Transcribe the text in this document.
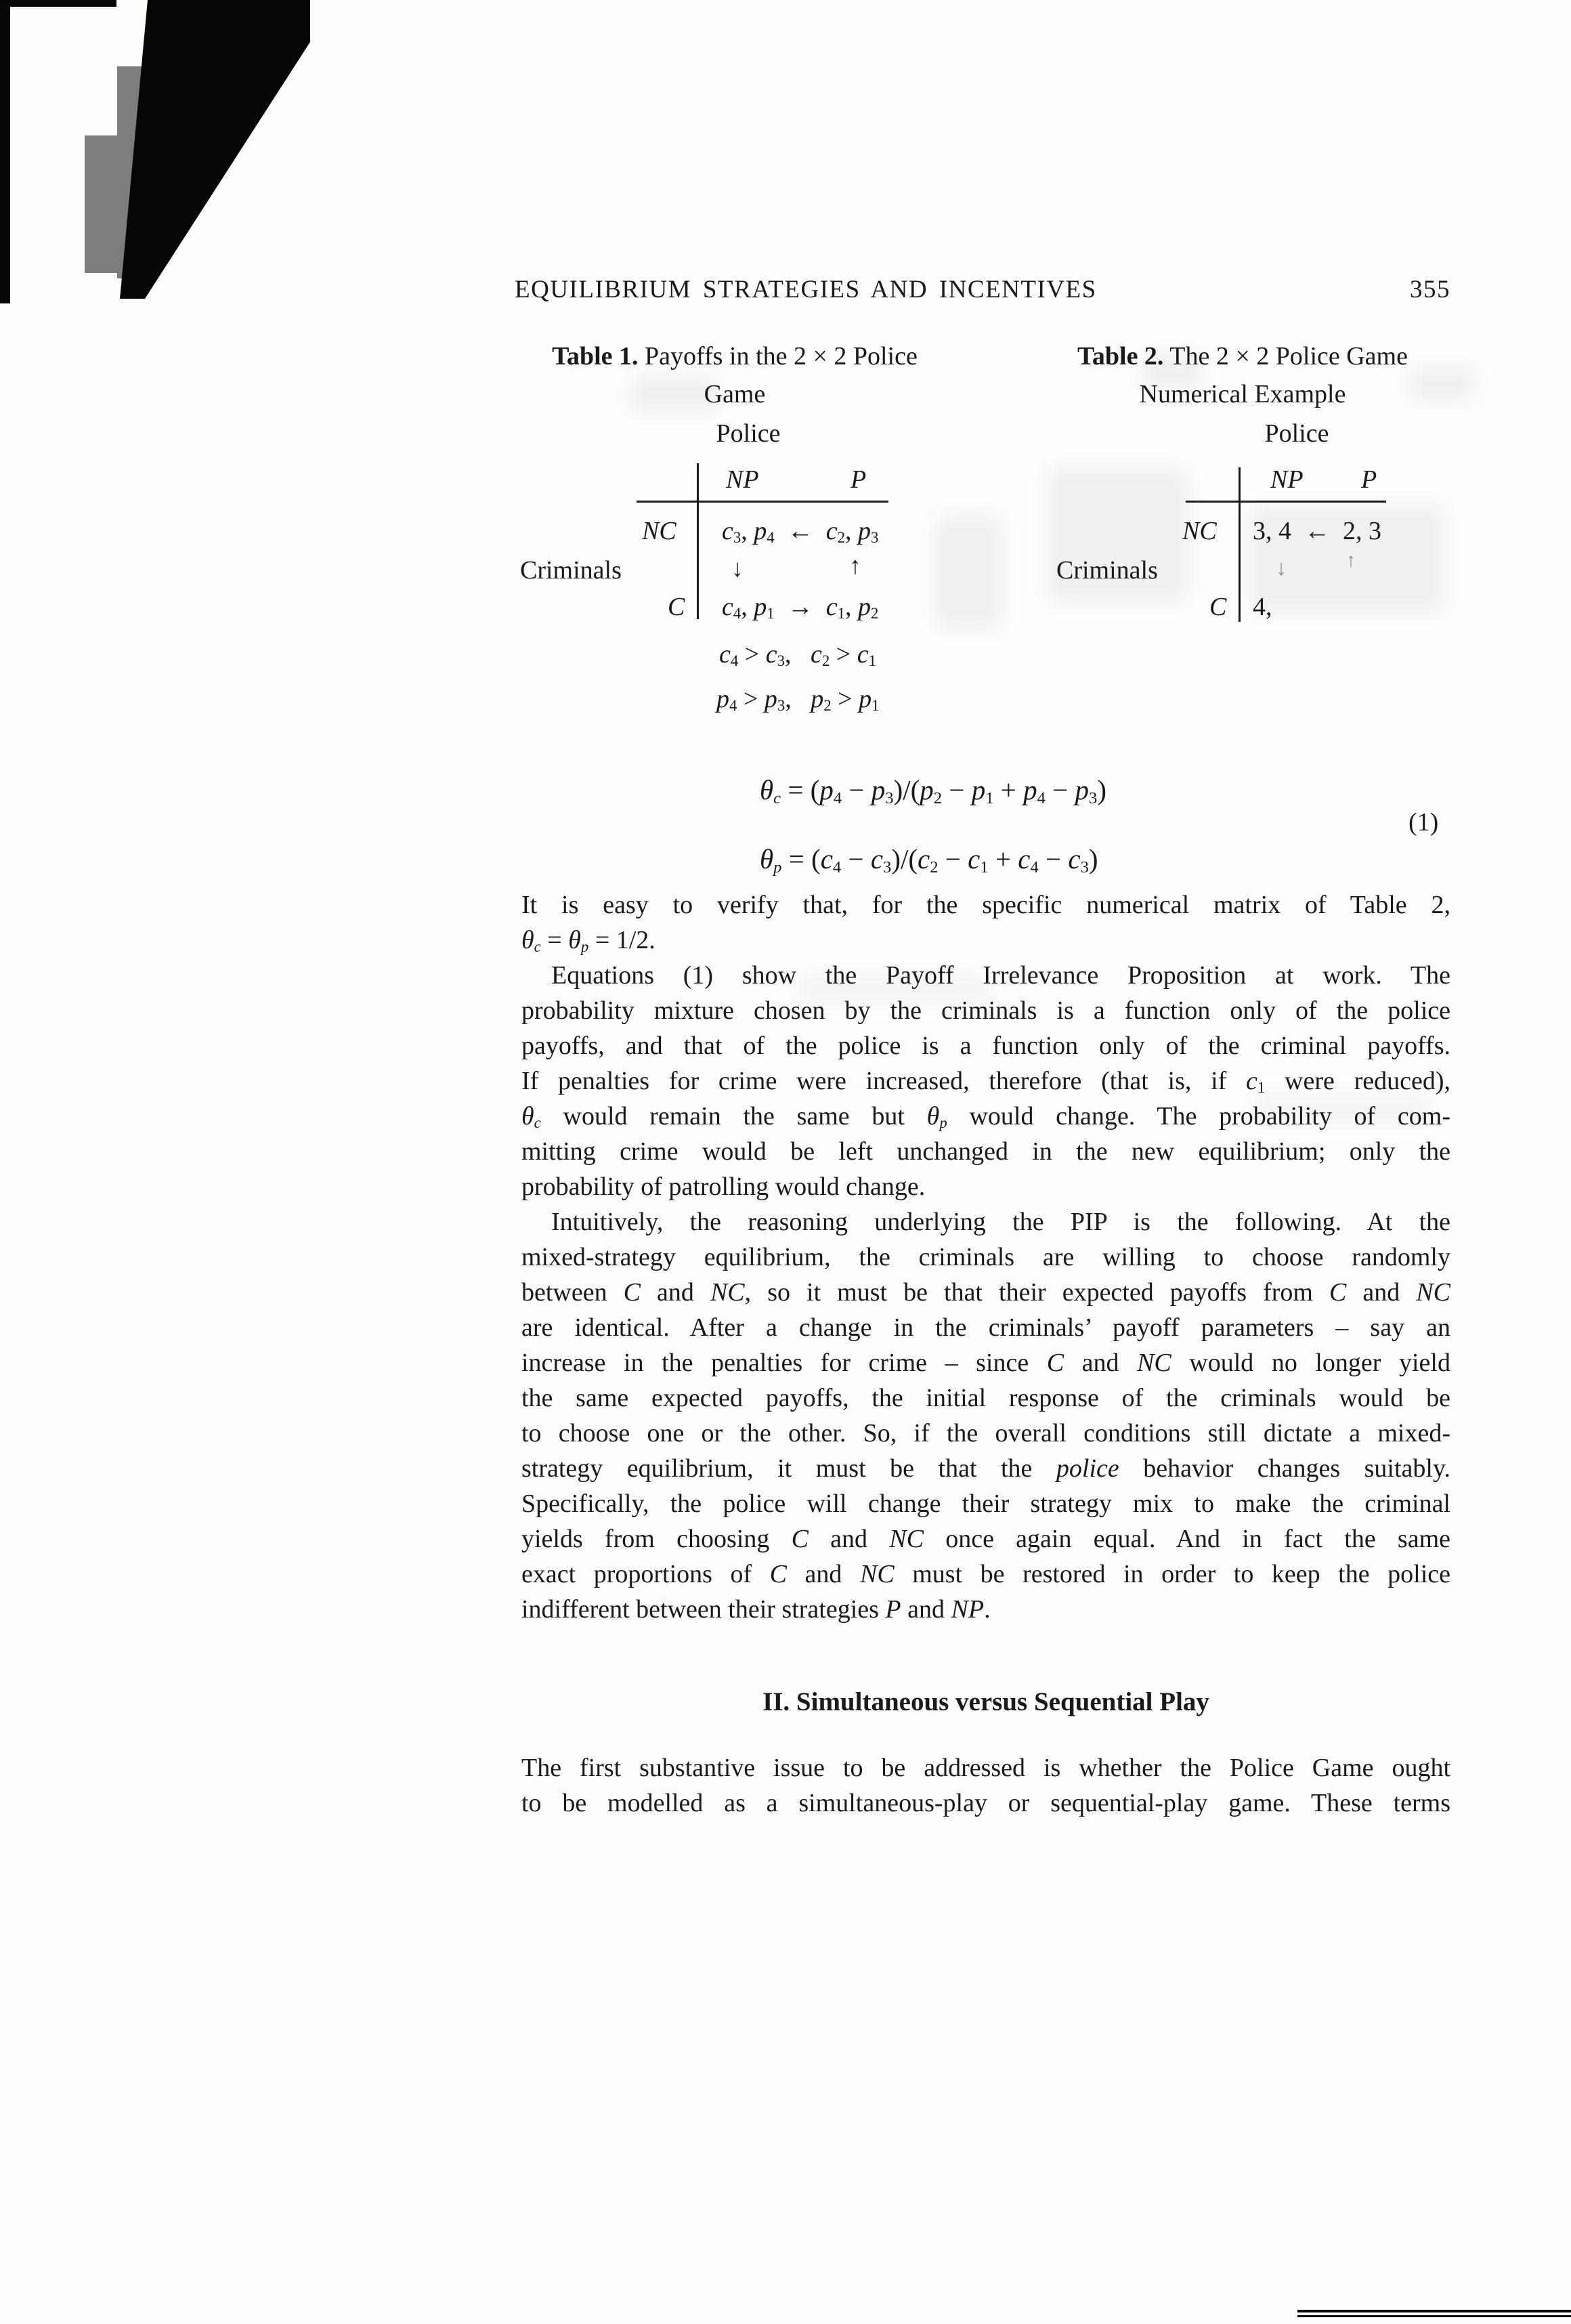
EQUILIBRIUM STRATEGIES AND INCENTIVES	355
Table 1. Payoffs in the 2 × 2 Police
Game
Police
NP	P
NC $c_3$, $p_4$  ←  $c_2$, $p_3$
Criminals	↓	↑
C $c_4$, $p_1 \to c_1$, $p_2$
$c_4 > c_3$,   $c_2 > c_1$
$p_4 > p_3$,   $p_2 > p_1$
Table 2. The 2 × 2 Police Game
Numerical Example
Police
NP P
NC 3, 4  ←  2, 3
Criminals	↓	↑
C 4,
$\theta_c = (p_4 - p_3)/(p_2 - p_1 + p_4 - p_3)$
$\theta_p = (c_4 - c_3)/(c_2 - c_1 + c_4 - c_3)$
(1)
It is easy to verify that, for the specific numerical matrix of Table 2,
$\theta_c = \theta_p = 1/2$.
Equations (1) show the Payoff Irrelevance Proposition at work. The
probability mixture chosen by the criminals is a function only of the police
payoffs, and that of the police is a function only of the criminal payoffs.
If penalties for crime were increased, therefore (that is, if $c_1$ were reduced),
$\theta_c$ would remain the same but $\theta_p$ would change. The probability of com-
mitting crime would be left unchanged in the new equilibrium; only the
probability of patrolling would change.
Intuitively, the reasoning underlying the PIP is the following. At the
mixed-strategy equilibrium, the criminals are willing to choose randomly
between C and NC, so it must be that their expected payoffs from C and NC
are identical. After a change in the criminals’ payoff parameters – say an
increase in the penalties for crime – since C and NC would no longer yield
the same expected payoffs, the initial response of the criminals would be
to choose one or the other. So, if the overall conditions still dictate a mixed-
strategy equilibrium, it must be that the police behavior changes suitably.
Specifically, the police will change their strategy mix to make the criminal
yields from choosing C and NC once again equal. And in fact the same
exact proportions of C and NC must be restored in order to keep the police
indifferent between their strategies P and NP.
II. Simultaneous versus Sequential Play
The first substantive issue to be addressed is whether the Police Game ought
to be modelled as a simultaneous-play or sequential-play game. These terms
